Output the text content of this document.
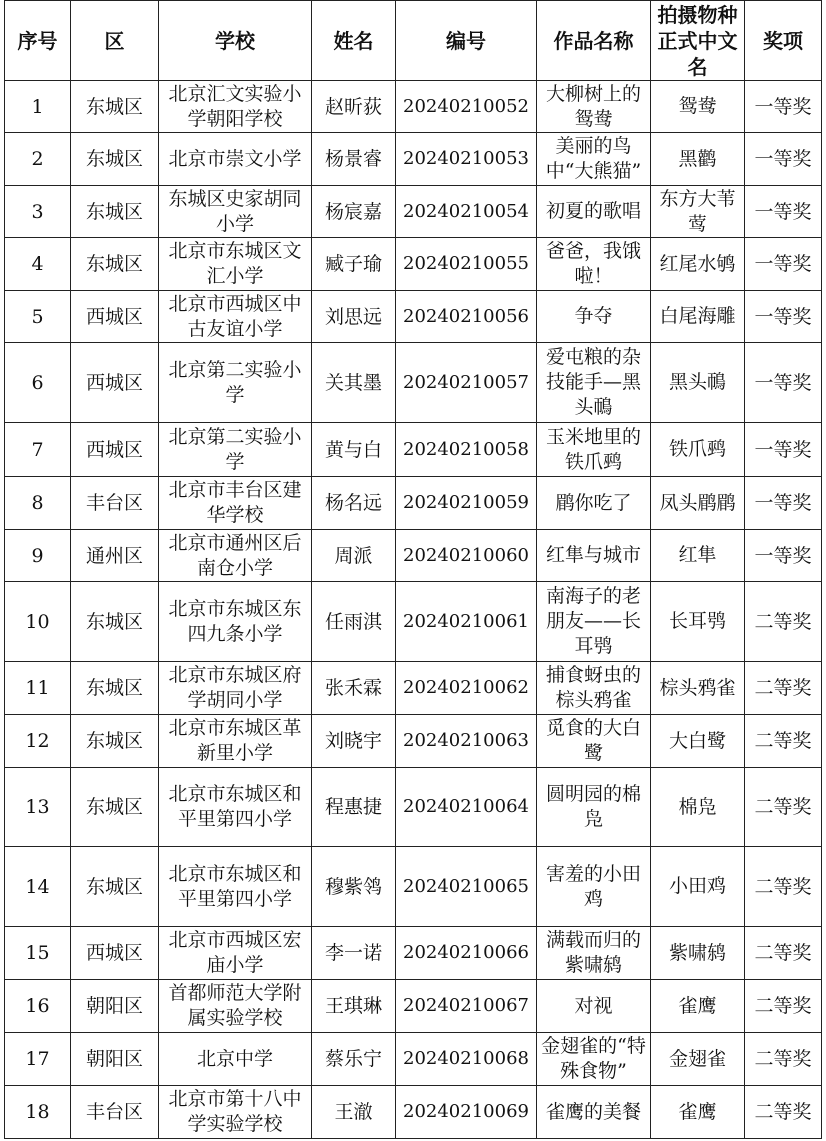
序号	区	学校	姓名	编号	作品名称	拍摄物种正式中文名	奖项
1	东城区	北京汇文实验小学朝阳学校	赵昕荻	20240210052	大柳树上的鸳鸯	鸳鸯	一等奖
2	东城区	北京市崇文小学	杨景睿	20240210053	美丽的鸟中“大熊猫”	黑鹳	一等奖
3	东城区	东城区史家胡同小学	杨宸嘉	20240210054	初夏的歌唱	东方大苇莺	一等奖
4	东城区	北京市东城区文汇小学	臧子瑜	20240210055	爸爸，我饿啦！	红尾水鸲	一等奖
5	西城区	北京市西城区中古友谊小学	刘思远	20240210056	争夺	白尾海雕	一等奖
6	西城区	北京第二实验小学	关其墨	20240210057	爱屯粮的杂技能手—黑头鳾	黑头鳾	一等奖
7	西城区	北京第二实验小学	黄与白	20240210058	玉米地里的铁爪鹀	铁爪鹀	一等奖
8	丰台区	北京市丰台区建华学校	杨名远	20240210059	鹛你吃了	凤头鹛鹛	一等奖
9	通州区	北京市通州区后南仓小学	周派	20240210060	红隼与城市	红隼	一等奖
10	东城区	北京市东城区东四九条小学	任雨淇	20240210061	南海子的老朋友——长耳鸮	长耳鸮	二等奖
11	东城区	北京市东城区府学胡同小学	张禾霖	20240210062	捕食蚜虫的棕头鸦雀	棕头鸦雀	二等奖
12	东城区	北京市东城区革新里小学	刘晓宇	20240210063	觅食的大白鹭	大白鹭	二等奖
13	东城区	北京市东城区和平里第四小学	程惠捷	20240210064	圆明园的棉凫	棉凫	二等奖
14	东城区	北京市东城区和平里第四小学	穆紫鸰	20240210065	害羞的小田鸡	小田鸡	二等奖
15	西城区	北京市西城区宏庙小学	李一诺	20240210066	满载而归的紫啸鸫	紫啸鸫	二等奖
16	朝阳区	首都师范大学附属实验学校	王琪琳	20240210067	对视	雀鹰	二等奖
17	朝阳区	北京中学	蔡乐宁	20240210068	金翅雀的“特殊食物”	金翅雀	二等奖
18	丰台区	北京市第十八中学实验学校	王澈	20240210069	雀鹰的美餐	雀鹰	二等奖
